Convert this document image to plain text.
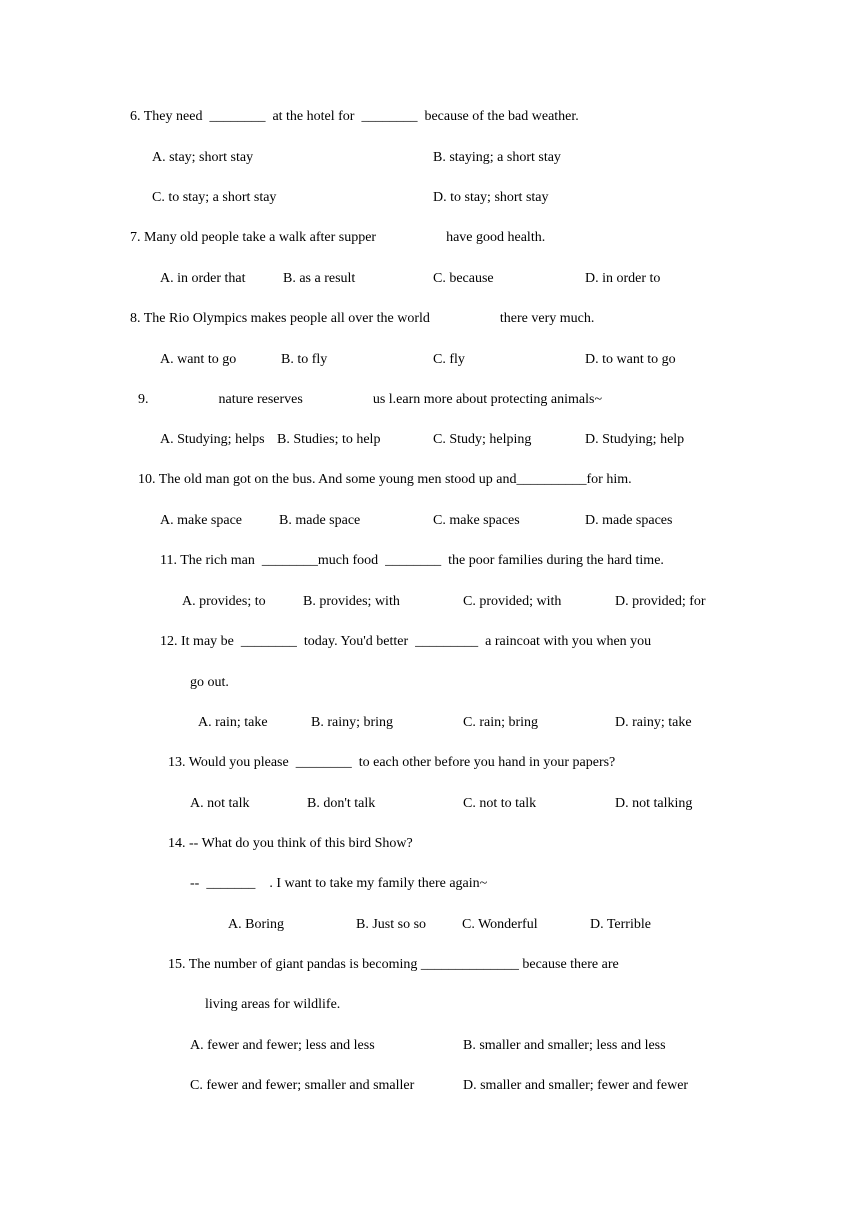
6. They need  ________  at the hotel for  ________  because of the bad weather.
A. stay; short stay	B. staying; a short stay
C. to stay; a short stay	D. to stay; short stay
7. Many old people take a walk after supper                    have good health.
A. in order that	B. as a result	C. because	D. in order to
8. The Rio Olympics makes people all over the world                    there very much.
A. want to go	B. to fly	C. fly	D. to want to go
9.                    nature reserves                    us l.earn more about protecting animals~
A. Studying; helps B. Studies; to help	C. Study; helping	D. Studying; help
10. The old man got on the bus. And some young men stood up and__________for him.
A. make space	B. made space	C. make spaces	D. made spaces
11. The rich man  ________much food  ________  the poor families during the hard time.
A. provides; to	B. provides; with	C. provided; with	D. provided; for
12. It may be  ________  today. You'd better  _________  a raincoat with you when you
go out.
A. rain; take	B. rainy; bring	C. rain; bring	D. rainy; take
13. Would you please  ________  to each other before you hand in your papers?
A. not talk	B. don't talk	C. not to talk	D. not talking
14. -- What do you think of this bird Show?
--  _______    . I want to take my family there again~
A. Boring	B. Just so so	C. Wonderful	D. Terrible
15. The number of giant pandas is becoming ______________ because there are
living areas for wildlife.
A. fewer and fewer; less and less	B. smaller and smaller; less and less
C. fewer and fewer; smaller and smaller	D. smaller and smaller; fewer and fewer
